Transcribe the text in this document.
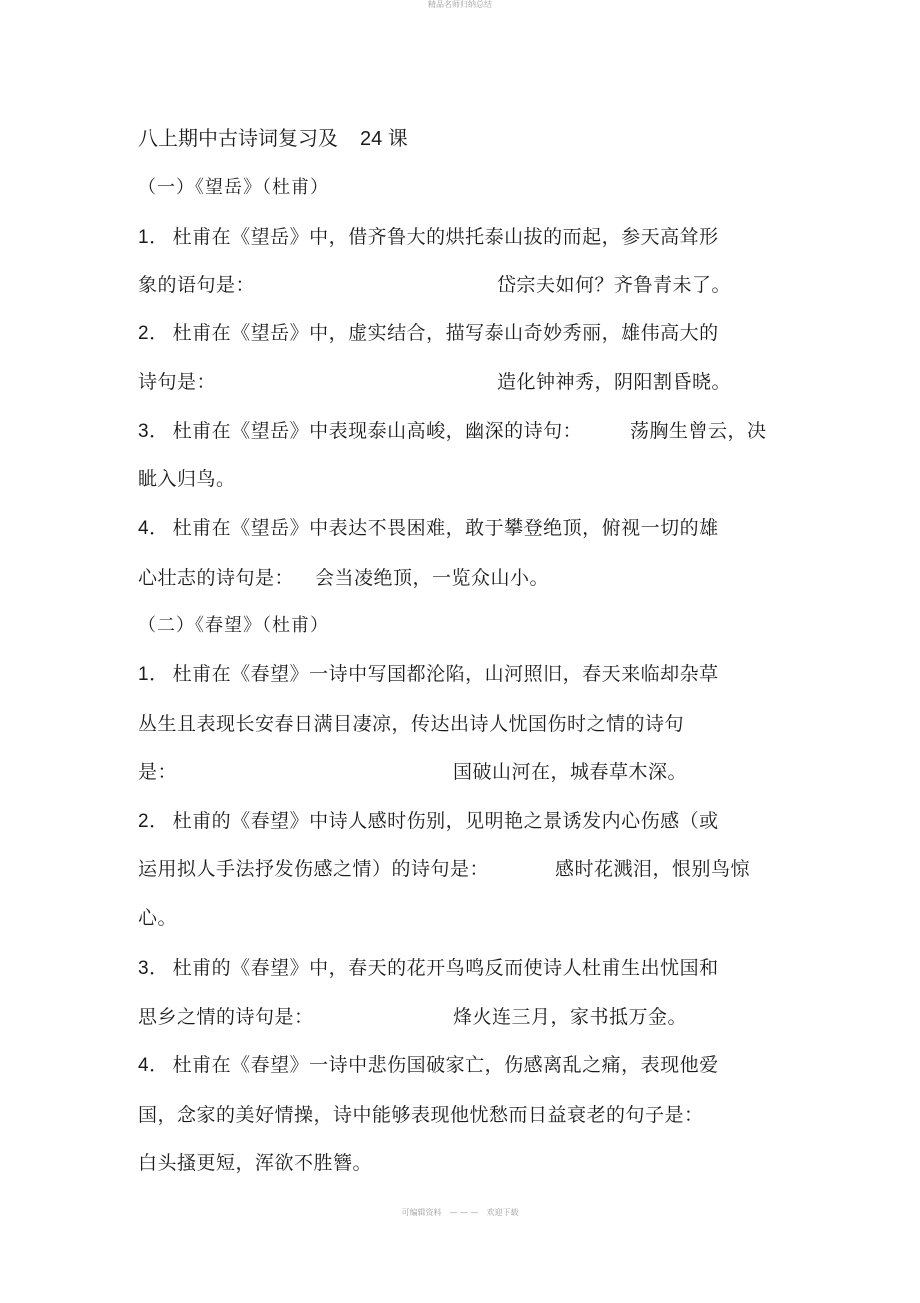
精品名师归纳总结
八上期中古诗词复习及 24 课
（一）《望岳》（杜甫）
1． 杜甫在《望岳》中，借齐鲁大的烘托泰山拔的而起，参天高耸形
象的语句是：	岱宗夫如何？齐鲁青未了。
2． 杜甫在《望岳》中，虚实结合，描写泰山奇妙秀丽，雄伟高大的
诗句是：	造化钟神秀，阴阳割昏晓。
3． 杜甫在《望岳》中表现泰山高峻，幽深的诗句：	荡胸生曾云，决
眦入归鸟。
4． 杜甫在《望岳》中表达不畏困难，敢于攀登绝顶，俯视一切的雄
心壮志的诗句是： 会当凌绝顶，一览众山小。
（二）《春望》（杜甫）
1． 杜甫在《春望》一诗中写国都沦陷，山河照旧，春天来临却杂草
丛生且表现长安春日满目凄凉，传达出诗人忧国伤时之情的诗句
是：	国破山河在，城春草木深。
2． 杜甫的《春望》中诗人感时伤别，见明艳之景诱发内心伤感（或
运用拟人手法抒发伤感之情）的诗句是：	感时花溅泪，恨别鸟惊
心。
3． 杜甫的《春望》中，春天的花开鸟鸣反而使诗人杜甫生出忧国和
思乡之情的诗句是：	烽火连三月，家书抵万金。
4． 杜甫在《春望》一诗中悲伤国破家亡，伤感离乱之痛，表现他爱
国，念家的美好情操，诗中能够表现他忧愁而日益衰老的句子是：
白头搔更短，浑欲不胜簪。
可编辑资料 — — — 欢迎下载
